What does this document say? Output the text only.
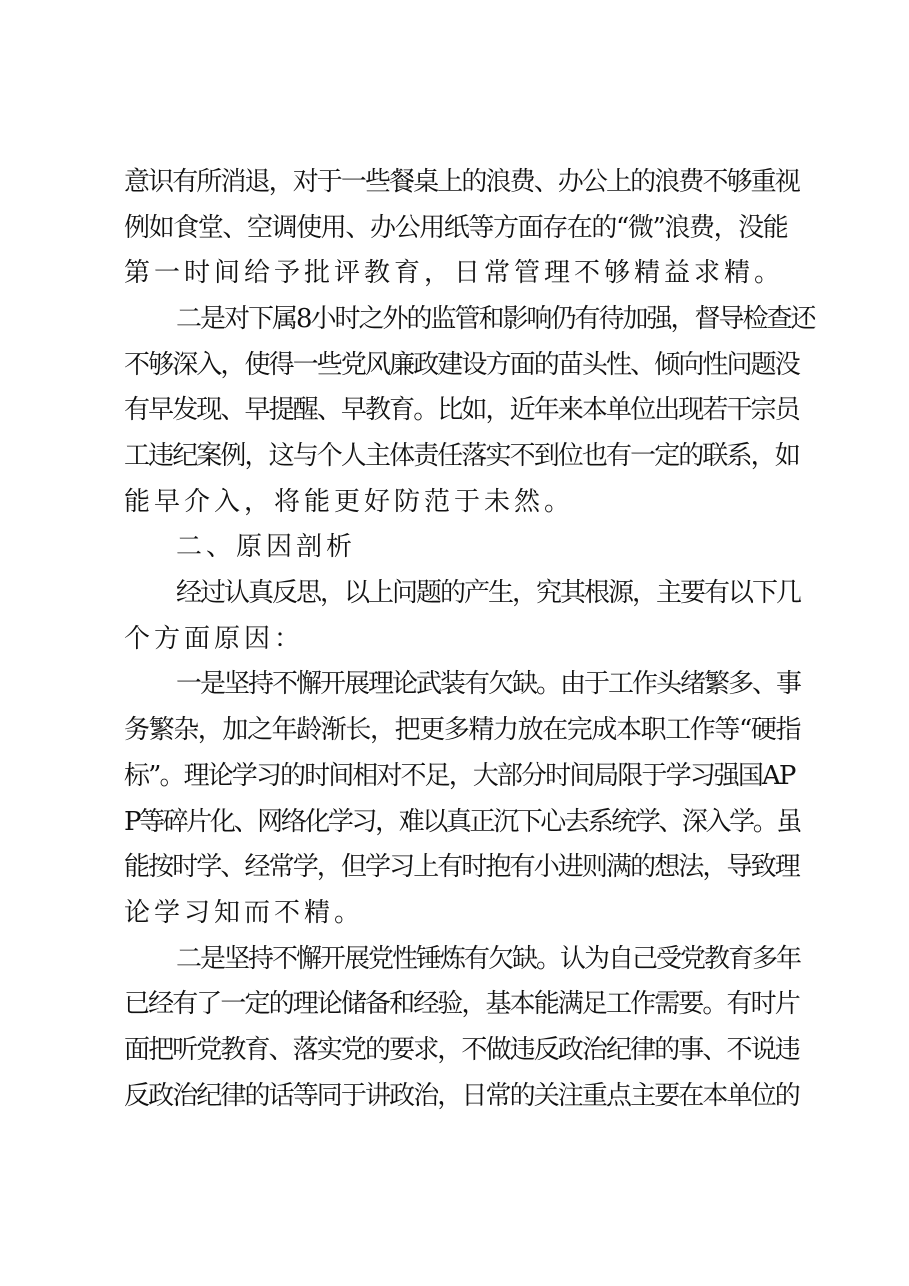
意识有所消退，对于一些餐桌上的浪费、办公上的浪费不够重视
例如食堂、空调使用、办公用纸等方面存在的“微”浪费，没能
第一时间给予批评教育，日常管理不够精益求精。
二是对下属8小时之外的监管和影响仍有待加强，督导检查还
不够深入，使得一些党风廉政建设方面的苗头性、倾向性问题没
有早发现、早提醒、早教育。比如，近年来本单位出现若干宗员
工违纪案例，这与个人主体责任落实不到位也有一定的联系，如
能早介入，将能更好防范于未然。
二、原因剖析
经过认真反思，以上问题的产生，究其根源，主要有以下几
个方面原因：
一是坚持不懈开展理论武装有欠缺。由于工作头绪繁多、事
务繁杂，加之年龄渐长，把更多精力放在完成本职工作等“硬指
标”。理论学习的时间相对不足，大部分时间局限于学习强国AP
P等碎片化、网络化学习，难以真正沉下心去系统学、深入学。虽
能按时学、经常学，但学习上有时抱有小进则满的想法，导致理
论学习知而不精。
二是坚持不懈开展党性锤炼有欠缺。认为自己受党教育多年
已经有了一定的理论储备和经验，基本能满足工作需要。有时片
面把听党教育、落实党的要求，不做违反政治纪律的事、不说违
反政治纪律的话等同于讲政治，日常的关注重点主要在本单位的
